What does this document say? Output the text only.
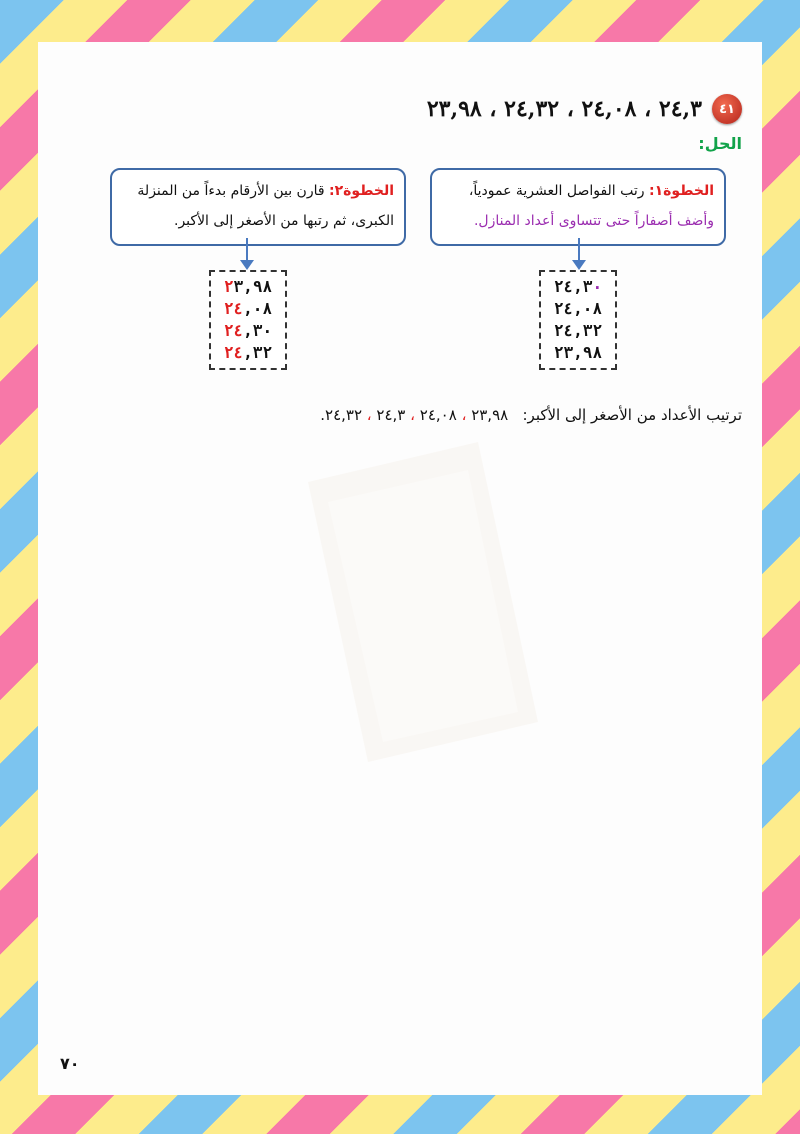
٤١
٢٤,٣ ، ٢٤,٠٨ ، ٢٤,٣٢ ، ٢٣,٩٨
الحل:
الخطوة١: رتب الفواصل العشرية عمودياً،
وأضف أصفاراً حتى تتساوى أعداد المنازل.
الخطوة٢: قارن بين الأرقام بدءاً من المنزلة
الكبرى، ثم رتبها من الأصغر إلى الأكبر.
٢٤,٣٠
٢٤,٠٨
٢٤,٣٢
٢٣,٩٨
٢٣,٩٨
٢٤,٠٨
٢٤,٣٠
٢٤,٣٢
ترتيب الأعداد من الأصغر إلى الأكبر:   ٢٣,٩٨ ، ٢٤,٠٨ ، ٢٤,٣ ، ٢٤,٣٢.
٧٠
